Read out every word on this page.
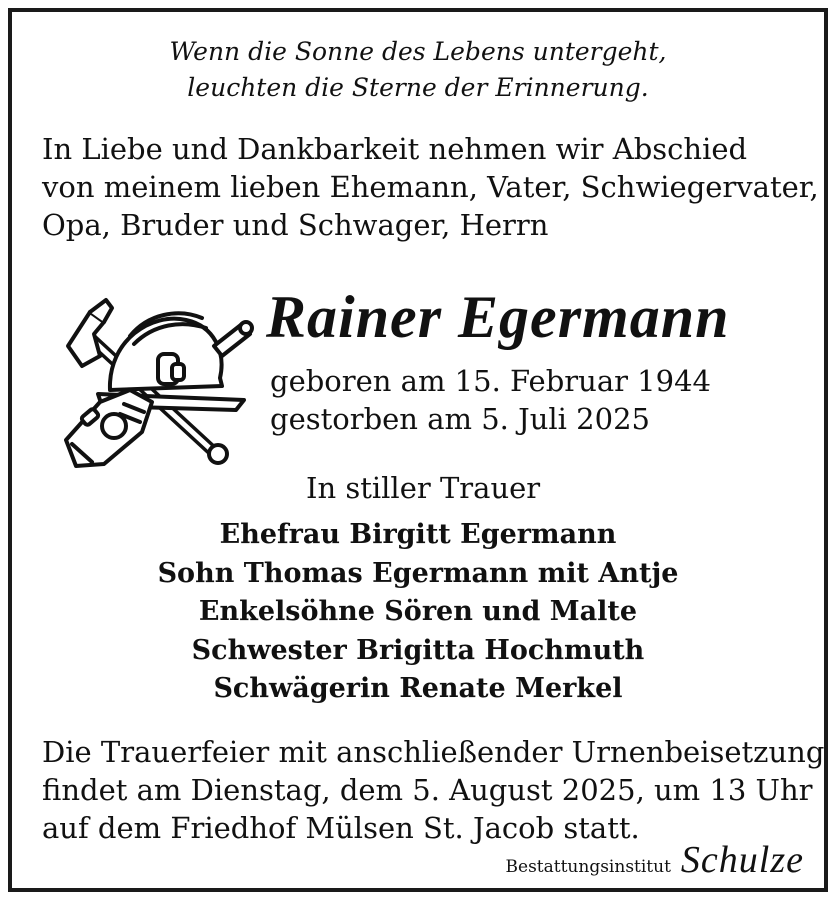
Wenn die Sonne des Lebens untergeht,
leuchten die Sterne der Erinnerung.
In Liebe und Dankbarkeit nehmen wir Abschied
von meinem lieben Ehemann, Vater, Schwiegervater,
Opa, Bruder und Schwager, Herrn
Rainer Egermann
geboren am 15. Februar 1944
gestorben am 5. Juli 2025
In stiller Trauer
Ehefrau Birgitt Egermann
Sohn Thomas Egermann mit Antje
Enkelsöhne Sören und Malte
Schwester Brigitta Hochmuth
Schwägerin Renate Merkel
Die Trauerfeier mit anschließender Urnenbeisetzung
findet am Dienstag, dem 5. August 2025, um 13 Uhr
auf dem Friedhof Mülsen St. Jacob statt.
Bestattungsinstitut Schulze
